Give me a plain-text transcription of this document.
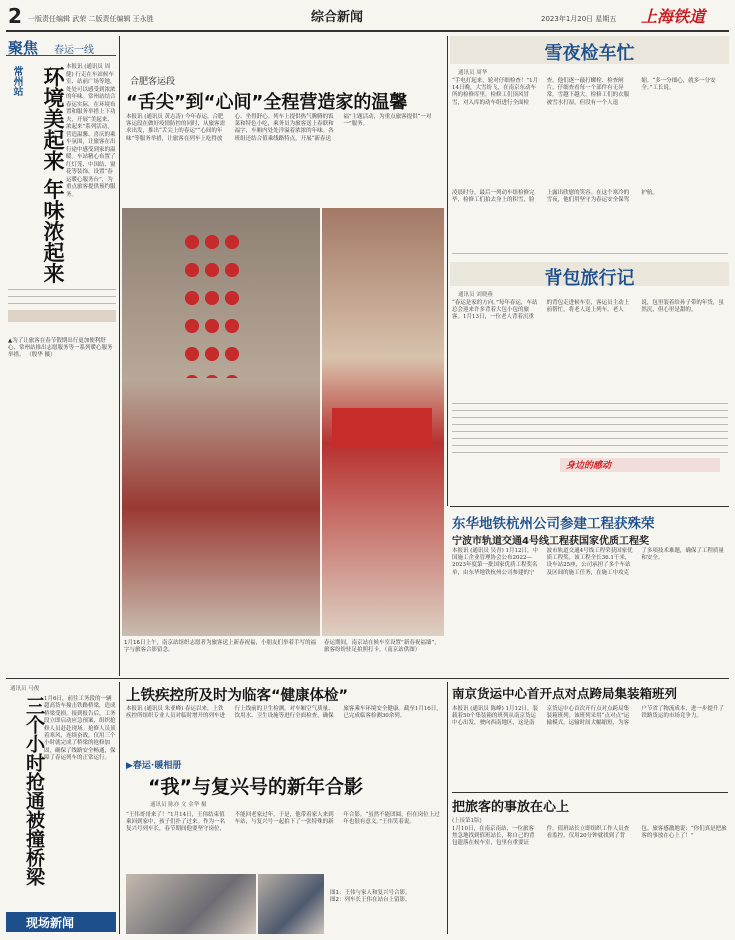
2 一版责任编辑 武荣 二版责任编辑 王永胜	综合新闻	2023年1月20日 星期五	上海铁道
聚焦	春运一线
常州站 环境美起来 年味浓起来 本报讯 (通讯员 周健) 行走在车站候车室、站前广场等地，处处可以感受到浓浓的年味。常州站结合春运实际，在环境布置和服务举措上下功夫，开展“美起来、浓起来”系列活动，营造温馨、喜庆的乘车氛围，让旅客在出行途中感受到家的温暖。车站精心布置了红灯笼、中国结、窗花等装饰，设置“春运暖心服务台”，为重点旅客提供预约服务。
▲为了让旅客在春节假期出行更加便利舒心，常州站推出志愿服务等一系列暖心服务举措。 （殷华 摄）
合肥客运段
“舌尖”到“心间”全程营造家的温馨
本报讯 (通讯员 黄志涛) 今年春运，合肥客运段在做好疫情防控的同时，从旅客需求出发，推出“舌尖上的春运”“心间的年味”等服务举措，让旅客在列车上吃得放心、坐得舒心。列车上提供热气腾腾的饭菜和特色小吃，乘务员为旅客送上春联和福字，车厢内处处洋溢着浓浓的年味。各班组还结合值乘线路特点，开展“新春送福”主题活动，为重点旅客提供“一对一”服务。
1月16日上午，南京站组织志愿者为旅客送上新春祝福，小朋友们举着手写的福字与旅客合影留念。
春运期间，南京站在候车室设置“新春祝福墙”，旅客纷纷驻足拍照打卡。（南京站供图）
雪夜检车忙
通讯员 周华
“手电打起来，轮对仔细检查！”1月14日晚，大雪纷飞，在南京东动车所的检修库里，检修工们顶风冒雪，对入库的动车组进行全面检查。他们逐一敲打螺栓、检查闸片，仔细查看每一个部件有无异常。雪越下越大，检修工们的衣服被雪水打湿，但没有一个人退缩。“多一分细心，就多一分安全。”工长说。
凌晨时分，最后一列动车组检修完毕，检修工们拍去身上的积雪，脸上露出欣慰的笑容。在这个寒冷的雪夜，他们用坚守为春运安全保驾护航。
背包旅行记
通讯员 刘晓燕
“春运是家的方向。”每年春运，车站总会迎来许多背着大包小包的旅客。1月13日，一位老人背着沉重的背包走进候车室，客运员主动上前帮忙，将老人送上列车。老人说，包里装着给孙子带的年货，虽然沉，但心里是甜的。
身边的感动
东华地铁杭州公司参建工程获殊荣
宁波市轨道交通4号线工程获国家优质工程奖
本报讯 (通讯员 吴青) 1月12日，中国施工企业管理协会公布2022—2023年度第一批国家优质工程奖名单，由东华地铁杭州公司参建的宁波市轨道交通4号线工程荣获国家优质工程奖。该工程全长36.1千米，设车站25座，公司承担了多个车站及区间的施工任务，在施工中攻克了多项技术难题，确保了工程质量和安全。
通讯员 马俊
三个小时抢通被撞桥梁 1月6日，前往工务段的一辆超高货车撞击铁路桥梁，造成桥梁受损。接到报告后，工务段立即启动应急预案，组织抢修人员赶赴现场。抢修人员顶着寒风，连续奋战，仅用三个小时就完成了桥梁的抢修加固，确保了线路安全畅通，保障了春运列车的正常运行。
现场新闻
上铁疾控所及时为临客“健康体检”
本报讯 (通讯员 朱亚峰) 春运以来，上铁疾控所组织专业人员对临时增开的列车进行上线前的卫生检测，对车厢空气质量、饮用水、卫生设施等进行全面检查，确保旅客乘车环境安全健康。截至1月16日，已完成临客检测30余列。
▶春运·暖相册
“我”与复兴号的新年合影
通讯员 陈亦 文 金华 摄
“王伟哥哥来了！”1月14日，王伟结束值乘回到家中，孩子们扑了过来。作为一名复兴号列车长，春节期间他要坚守岗位，不能回老家过年。于是，他带着家人来到车站，与复兴号一起拍下了一张特殊的新年合影。“虽然不能团圆，但在岗位上过年也很有意义。”王伟笑着说。
图1：王伟与家人和复兴号合影。
图2：列车长王伟在站台上留影。
南京货运中心首开点对点跨局集装箱班列
本报讯 (通讯员 陈峰) 1月12日，装载着50个集装箱的班列从南京货运中心出发，驶向西南地区，这是南京货运中心首次开行点对点跨局集装箱班列。该班列采用“点对点”运输模式，运输时间大幅缩短，为客户节省了物流成本，进一步提升了铁路货运的市场竞争力。
把旅客的事放在心上
(上接第1版)
1月10日，在南京南站，一位旅客焦急地找到值班站长，称自己的背包遗落在候车室，包里有重要证件。值班站长立即组织工作人员查看监控，仅用20分钟就找到了背包。旅客感激地说：“你们真是把旅客的事放在心上了！”
